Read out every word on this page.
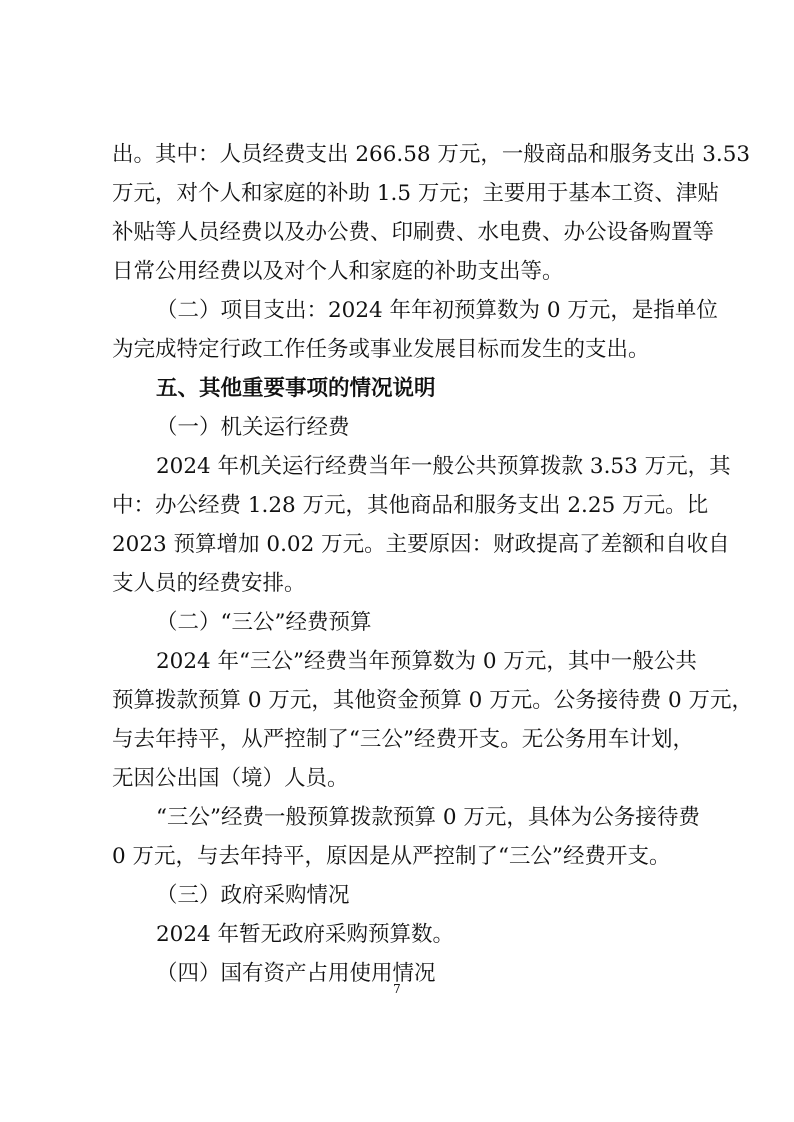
出。其中：人员经费支出 266.58 万元，一般商品和服务支出 3.53
万元，对个人和家庭的补助 1.5 万元；主要用于基本工资、津贴
补贴等人员经费以及办公费、印刷费、水电费、办公设备购置等
日常公用经费以及对个人和家庭的补助支出等。
（二）项目支出：2024 年年初预算数为 0 万元，是指单位
为完成特定行政工作任务或事业发展目标而发生的支出。
五、其他重要事项的情况说明
（一）机关运行经费
2024 年机关运行经费当年一般公共预算拨款 3.53 万元，其
中：办公经费 1.28 万元，其他商品和服务支出 2.25 万元。比
2023 预算增加 0.02 万元。主要原因：财政提高了差额和自收自
支人员的经费安排。
（二）“三公”经费预算
2024 年“三公”经费当年预算数为 0 万元，其中一般公共
预算拨款预算 0 万元，其他资金预算 0 万元。公务接待费 0 万元，
与去年持平，从严控制了“三公”经费开支。无公务用车计划，
无因公出国（境）人员。
“三公”经费一般预算拨款预算 0 万元，具体为公务接待费
0 万元，与去年持平，原因是从严控制了“三公”经费开支。
（三）政府采购情况
2024 年暂无政府采购预算数。
（四）国有资产占用使用情况
7
